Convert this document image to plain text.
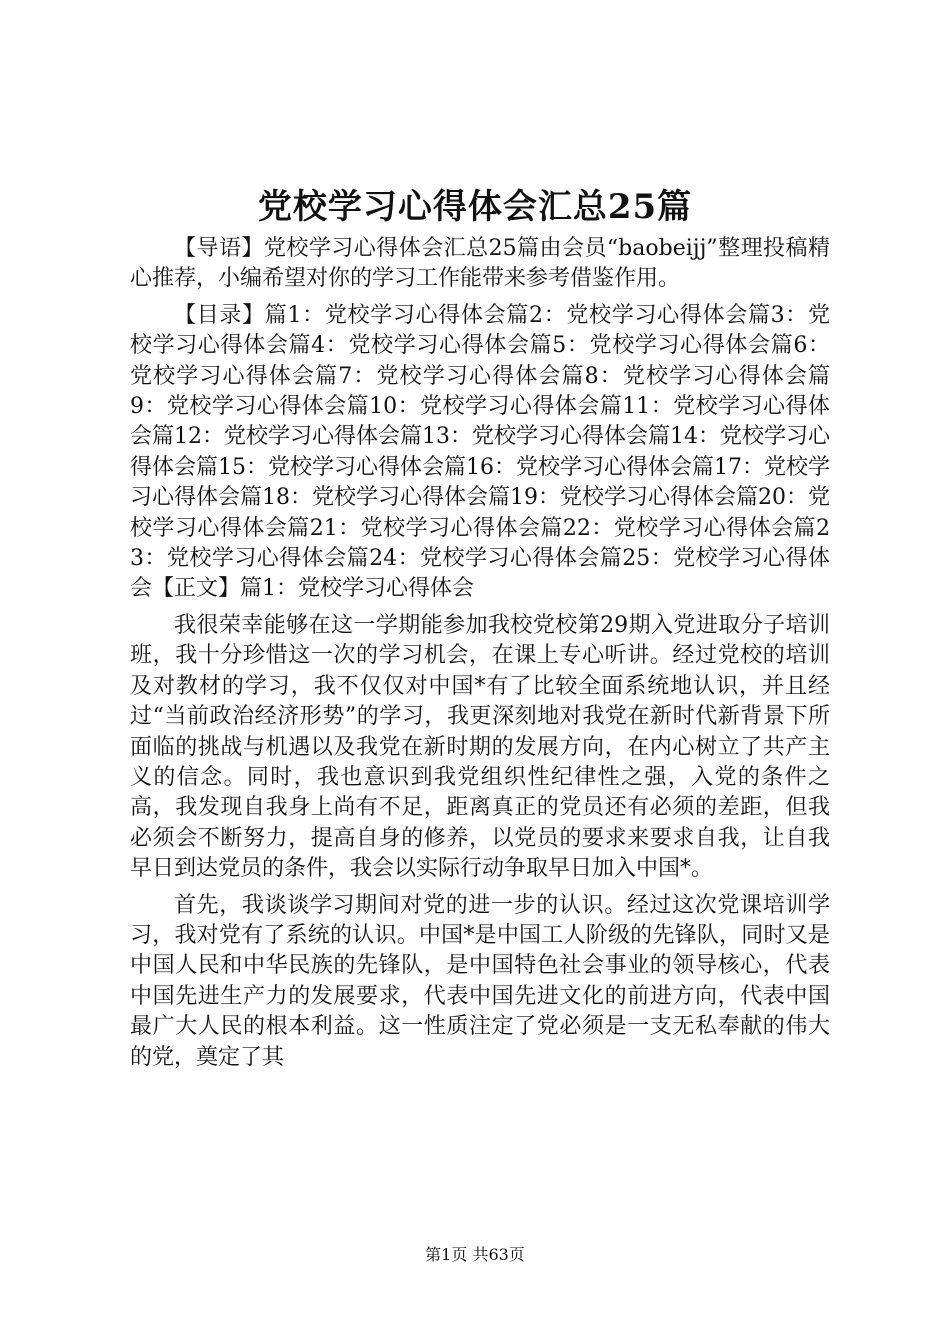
党校学习心得体会汇总25篇

【导语】党校学习心得体会汇总25篇由会员“baobeijj”整理投稿精心推荐，小编希望对你的学习工作能带来参考借鉴作用。

【目录】篇1：党校学习心得体会篇2：党校学习心得体会篇3：党校学习心得体会篇4：党校学习心得体会篇5：党校学习心得体会篇6：党校学习心得体会篇7：党校学习心得体会篇8：党校学习心得体会篇9：党校学习心得体会篇10：党校学习心得体会篇11：党校学习心得体会篇12：党校学习心得体会篇13：党校学习心得体会篇14：党校学习心得体会篇15：党校学习心得体会篇16：党校学习心得体会篇17：党校学习心得体会篇18：党校学习心得体会篇19：党校学习心得体会篇20：党校学习心得体会篇21：党校学习心得体会篇22：党校学习心得体会篇23：党校学习心得体会篇24：党校学习心得体会篇25：党校学习心得体会【正文】篇1：党校学习心得体会

我很荣幸能够在这一学期能参加我校党校第29期入党进取分子培训班，我十分珍惜这一次的学习机会，在课上专心听讲。经过党校的培训及对教材的学习，我不仅仅对中国*有了比较全面系统地认识，并且经过“当前政治经济形势”的学习，我更深刻地对我党在新时代新背景下所面临的挑战与机遇以及我党在新时期的发展方向，在内心树立了共产主义的信念。同时，我也意识到我党组织性纪律性之强，入党的条件之高，我发现自我身上尚有不足，距离真正的党员还有必须的差距，但我必须会不断努力，提高自身的修养，以党员的要求来要求自我，让自我早日到达党员的条件，我会以实际行动争取早日加入中国*。

首先，我谈谈学习期间对党的进一步的认识。经过这次党课培训学习，我对党有了系统的认识。中国*是中国工人阶级的先锋队，同时又是中国人民和中华民族的先锋队，是中国特色社会事业的领导核心，代表中国先进生产力的发展要求，代表中国先进文化的前进方向，代表中国最广大人民的根本利益。这一性质注定了党必须是一支无私奉献的伟大的党，奠定了其

第1页 共63页
